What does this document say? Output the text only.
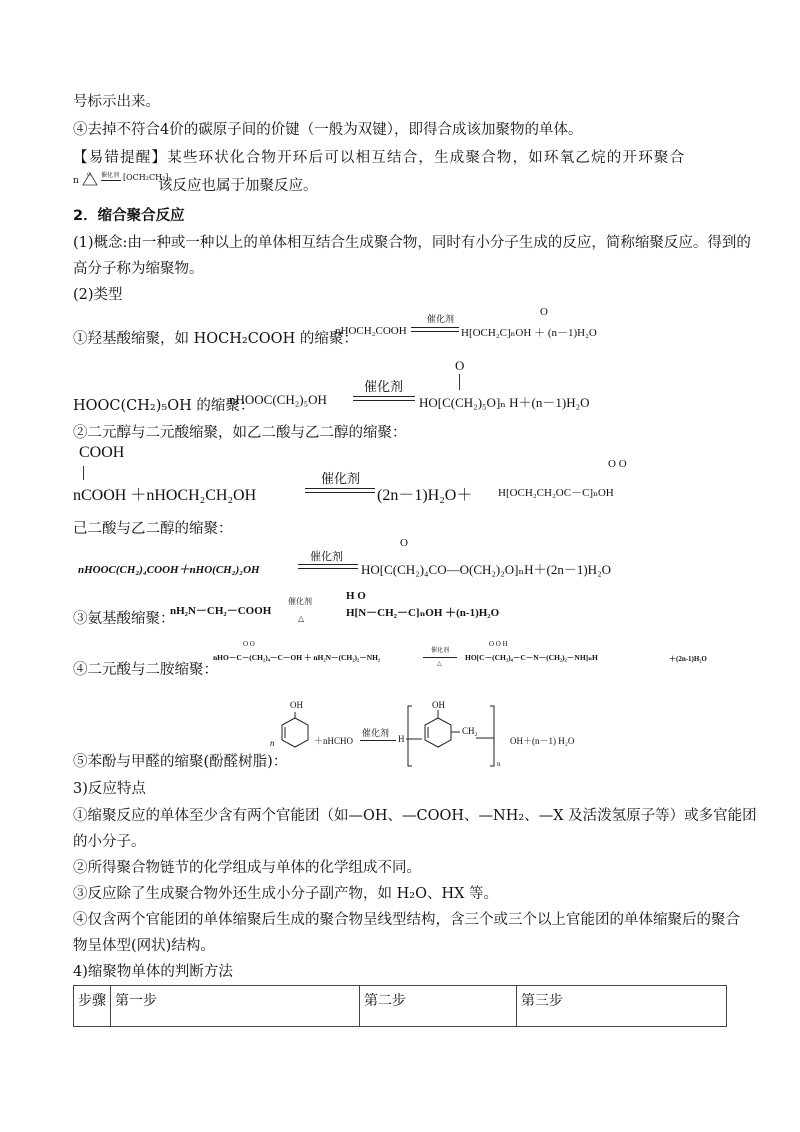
号标示出来。
④去掉不符合4价的碳原子间的价键（一般为双键），即得合成该加聚物的单体。
【易错提醒】某些环状化合物开环后可以相互结合，生成聚合物，如环氧乙烷的开环聚合
n
O 催化剂 [OCH₂CH₂]ₙ
该反应也属于加聚反应。
2．缩合聚合反应
(1)概念:由一种或一种以上的单体相互结合生成聚合物，同时有小分子生成的反应，简称缩聚反应。得到的
高分子称为缩聚物。
(2)类型
①羟基酸缩聚，如 HOCH₂COOH 的缩聚：
nHOCH₂COOH
催化剂
O
H[OCH₂C]ₙOH ＋ (n－1)H₂O
HOOC(CH₂)₅OH 的缩聚：
nHOOC(CH₂)₅OH
催化剂
O
HO[C(CH₂)₅O]ₙ H＋(n－1)H₂O
②二元醇与二元酸缩聚，如乙二酸与乙二醇的缩聚：
COOH
nCOOH ＋nHOCH₂CH₂OH
催化剂
(2n－1)H₂O＋
O O
H[OCH₂CH₂OC－C]ₙOH
己二酸与乙二醇的缩聚：
nHOOC(CH₂)₄COOH＋nHO(CH₂)₂OH
催化剂
O
HO[C(CH₂)₄CO—O(CH₂)₂O]ₙH＋(2n－1)H₂O
③氨基酸缩聚：
nH₂N－CH₂－COOH
催化剂
△
H O
H[N－CH₂－C]ₙOH ＋(n-1)H₂O
④二元酸与二胺缩聚：
O O
nHO－C－(CH₂)₄－C－OH ＋ nH₂N－(CH₂)₂－NH₂
催化剂
△
O O H
HO[C－(CH₂)₄－C－N－(CH₂)₂－NH]ₙH	＋(2n-1)H₂O
OH
n	＋nHCHO
催化剂
H
OH
CH₂
n
OH＋(n－1) H₂O
⑤苯酚与甲醛的缩聚(酚醛树脂)：
3)反应特点
①缩聚反应的单体至少含有两个官能团（如—OH、—COOH、—NH₂、—X 及活泼氢原子等）或多官能团
的小分子。
②所得聚合物链节的化学组成与单体的化学组成不同。
③反应除了生成聚合物外还生成小分子副产物，如 H₂O、HX 等。
④仅含两个官能团的单体缩聚后生成的聚合物呈线型结构，含三个或三个以上官能团的单体缩聚后的聚合
物呈体型(网状)结构。
4)缩聚物单体的判断方法
步骤	第一步	第二步	第三步
